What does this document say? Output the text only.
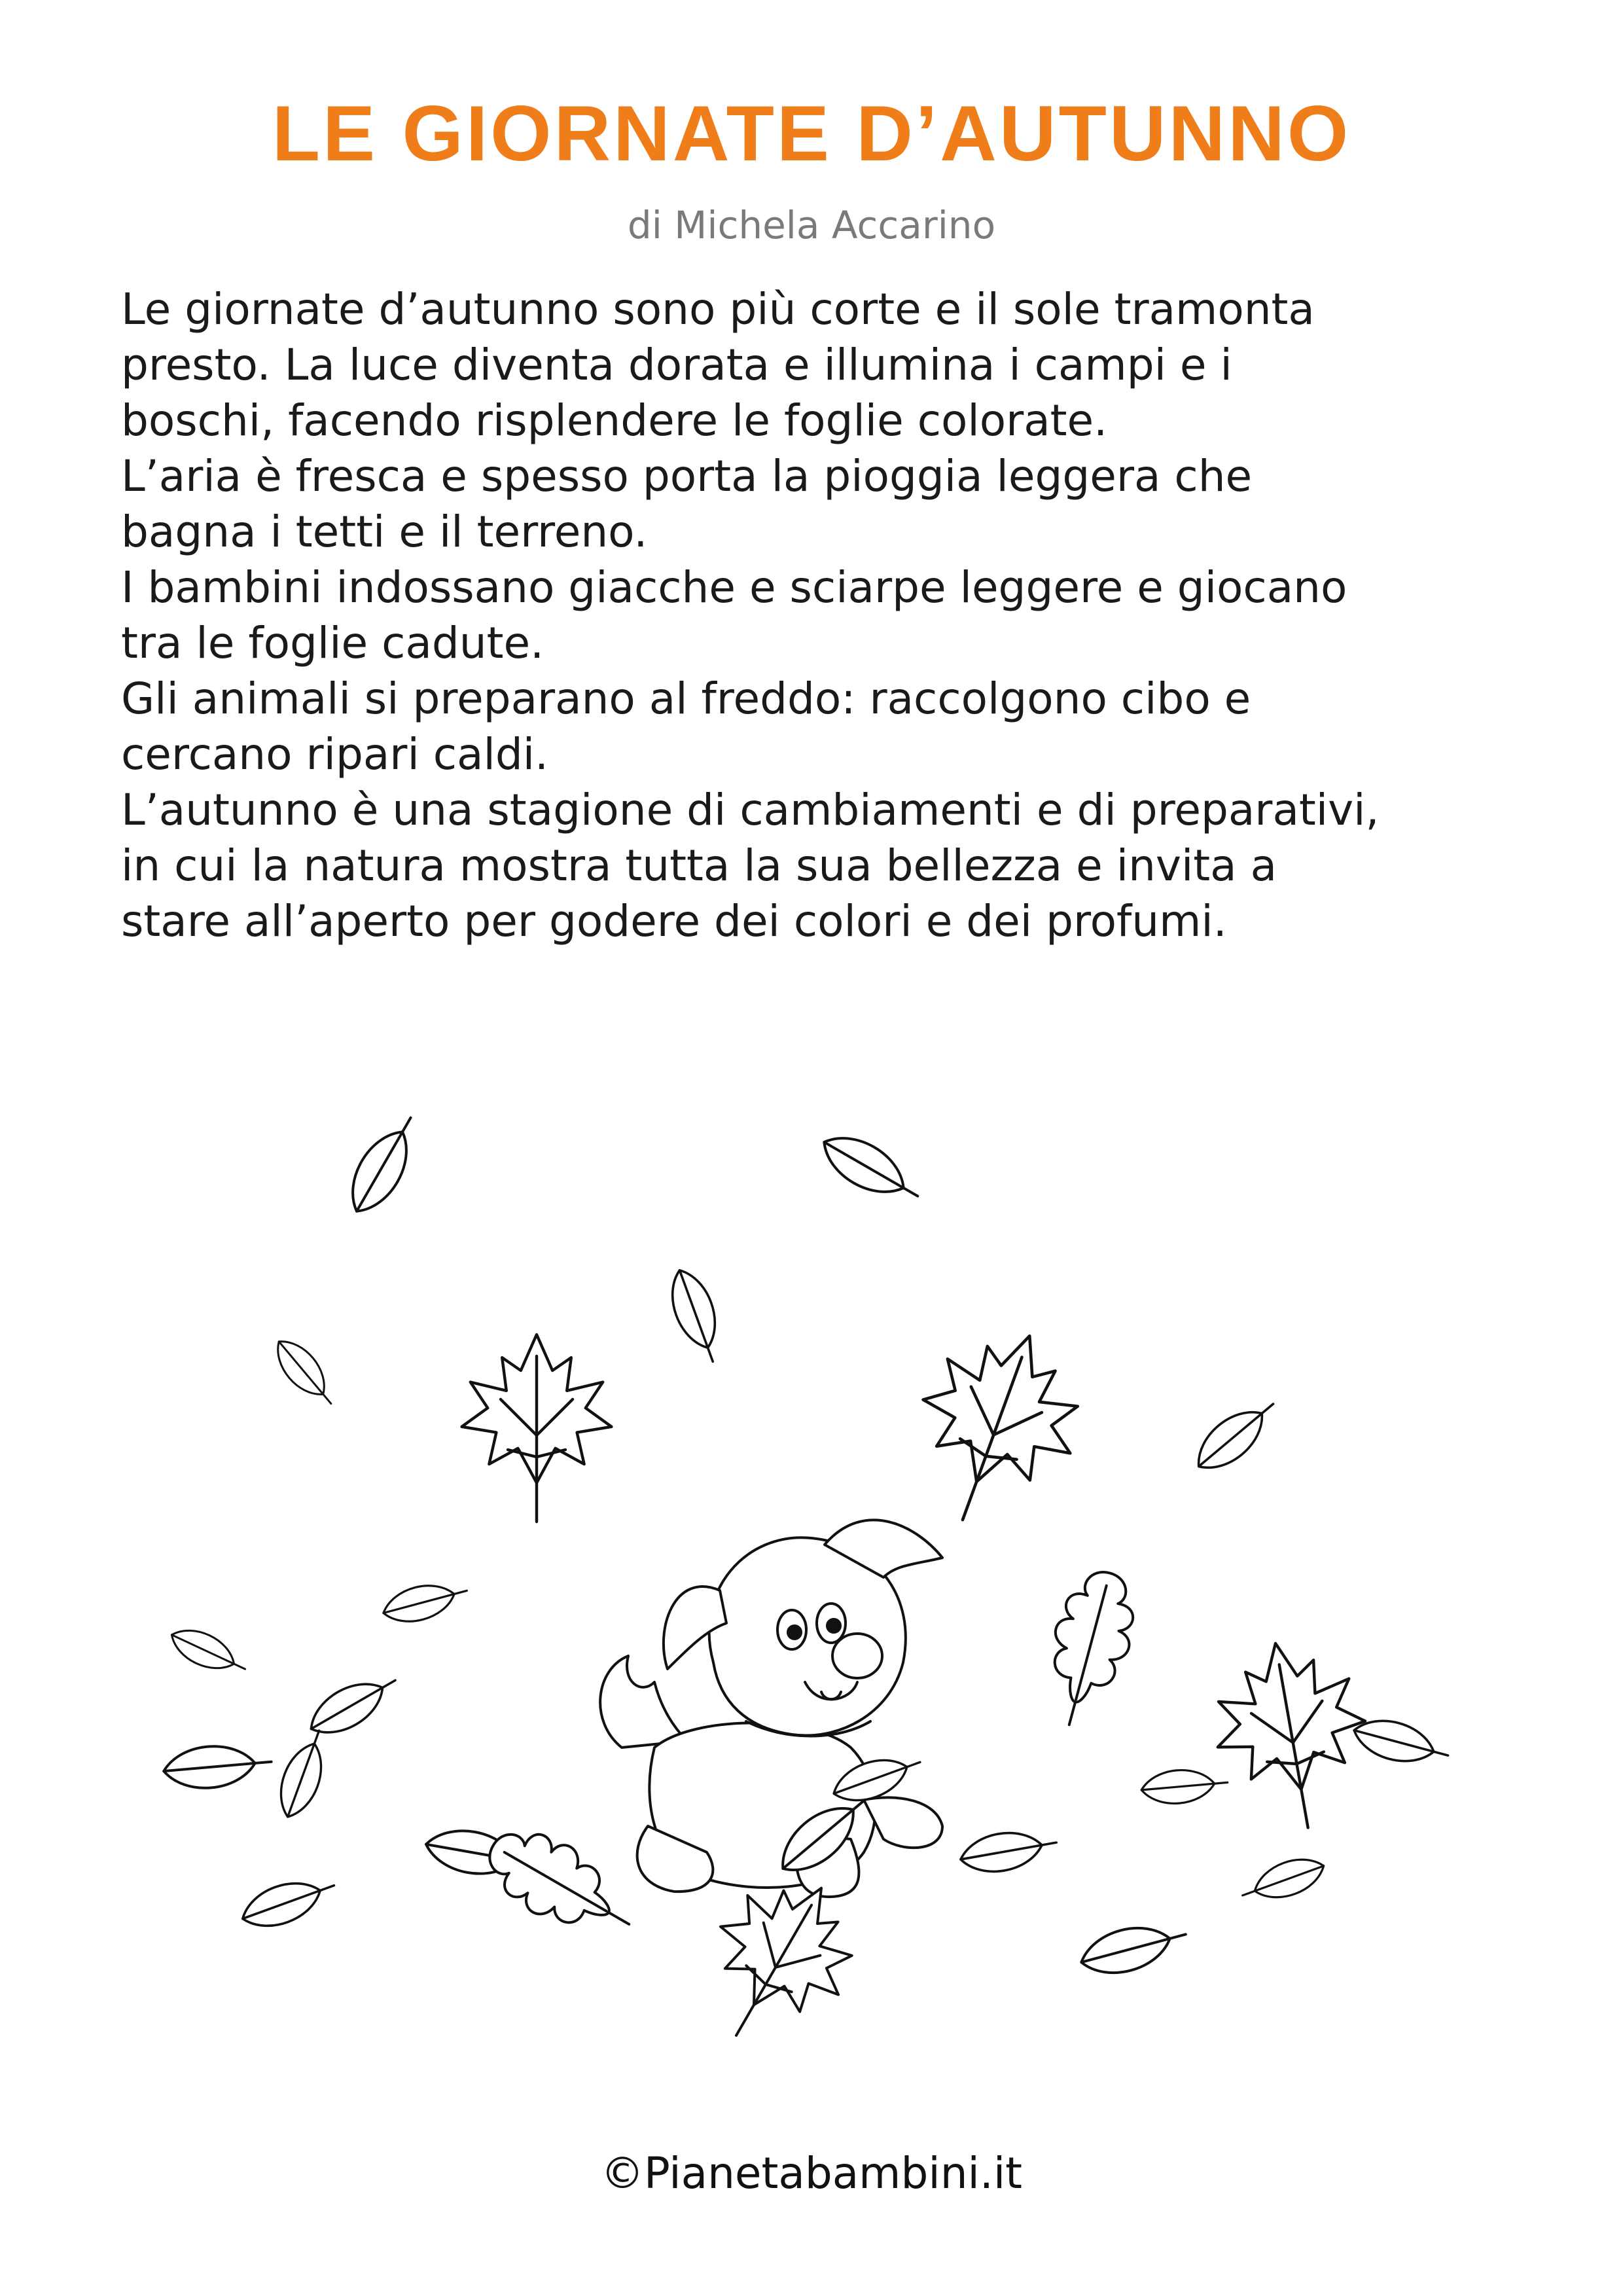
LE GIORNATE D’AUTUNNO

di Michela Accarino

Le giornate d’autunno sono più corte e il sole tramonta
presto. La luce diventa dorata e illumina i campi e i
boschi, facendo risplendere le foglie colorate.
L’aria è fresca e spesso porta la pioggia leggera che
bagna i tetti e il terreno.
I bambini indossano giacche e sciarpe leggere e giocano
tra le foglie cadute.
Gli animali si preparano al freddo: raccolgono cibo e
cercano ripari caldi.
L’autunno è una stagione di cambiamenti e di preparativi,
in cui la natura mostra tutta la sua bellezza e invita a
stare all’aperto per godere dei colori e dei profumi.

©Pianetabambini.it
